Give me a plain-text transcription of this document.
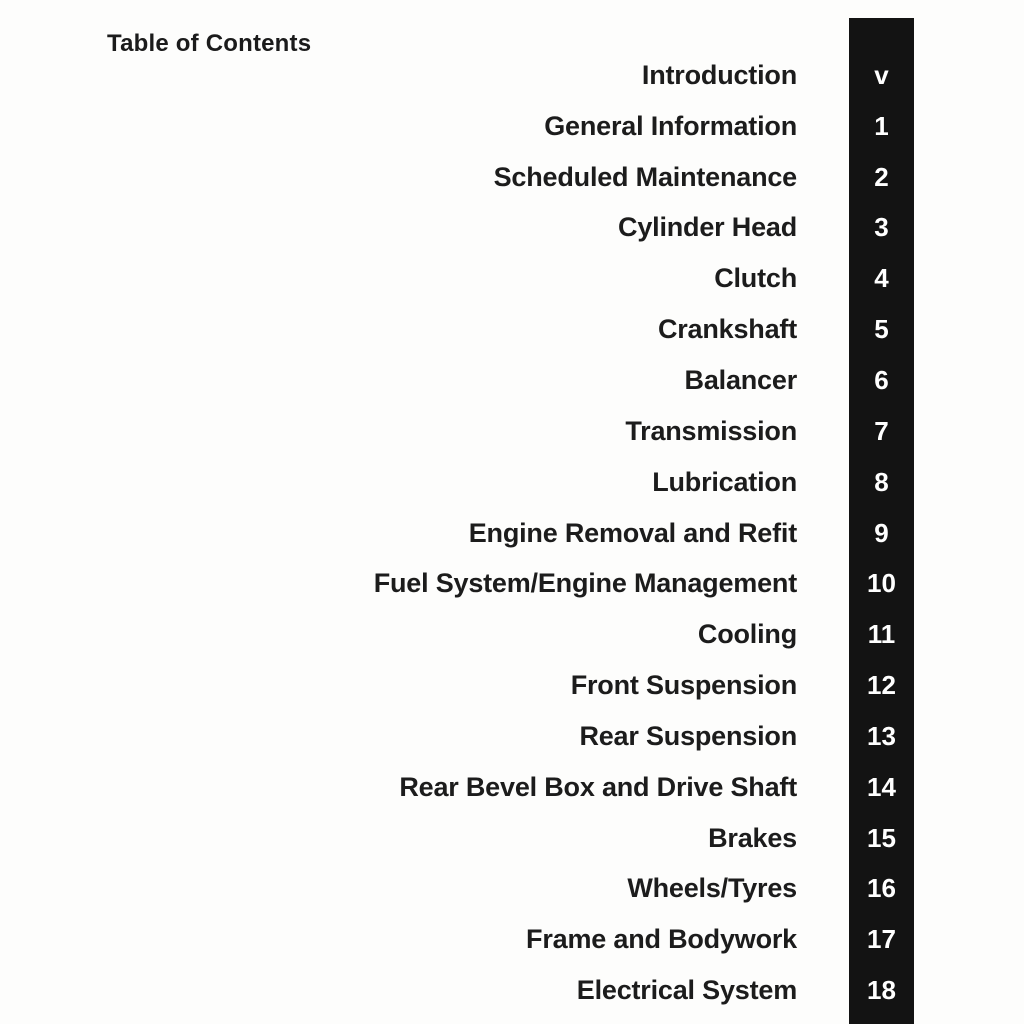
Table of Contents
Introduction	v
General Information	1
Scheduled Maintenance	2
Cylinder Head	3
Clutch	4
Crankshaft	5
Balancer	6
Transmission	7
Lubrication	8
Engine Removal and Refit	9
Fuel System/Engine Management	10
Cooling	11
Front Suspension	12
Rear Suspension	13
Rear Bevel Box and Drive Shaft	14
Brakes	15
Wheels/Tyres	16
Frame and Bodywork	17
Electrical System	18
